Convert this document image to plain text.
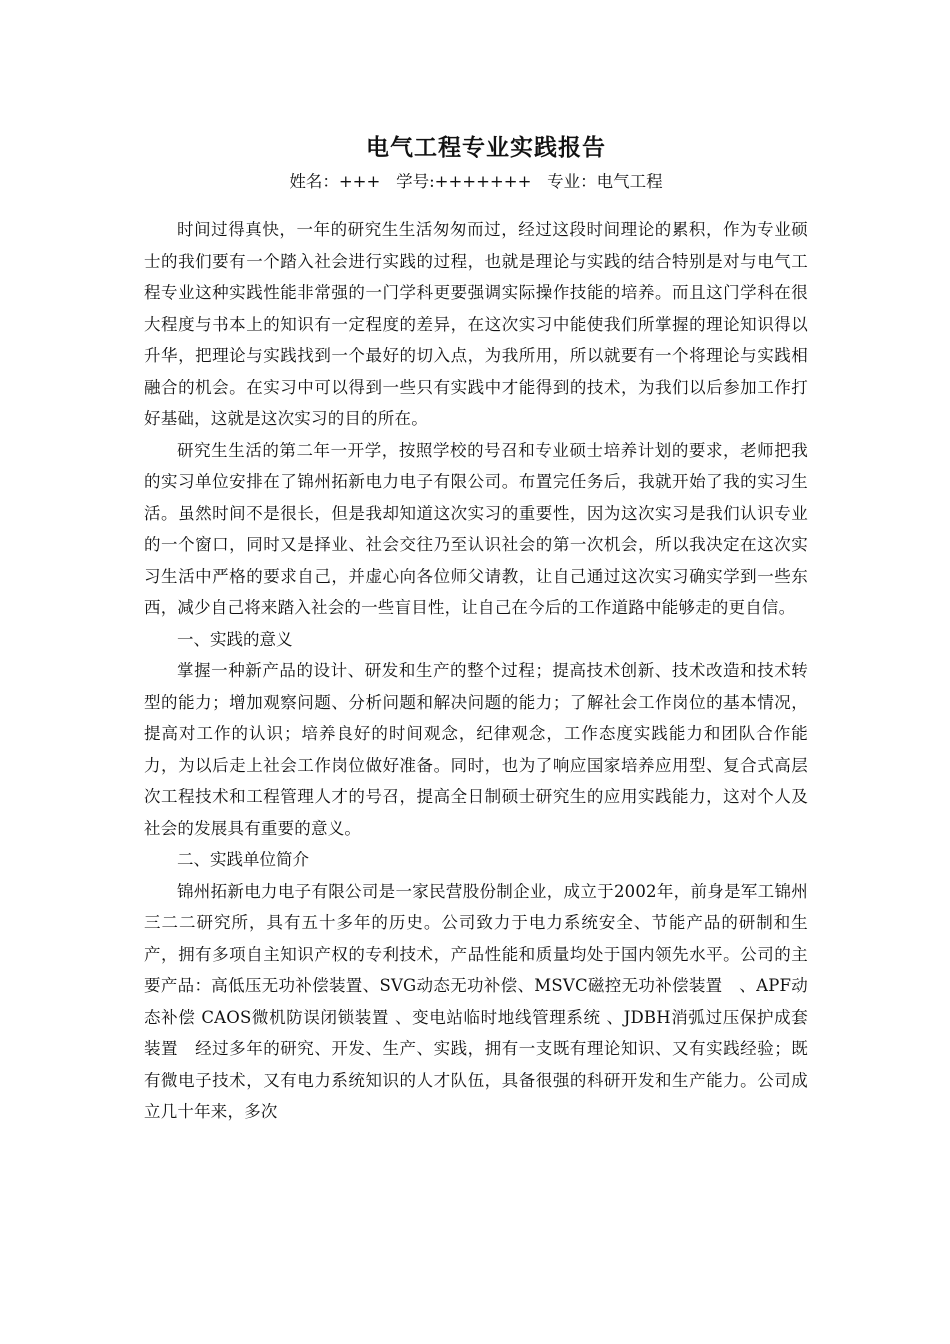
电气工程专业实践报告
姓名：+++   学号:+++++++   专业：电气工程

时间过得真快，一年的研究生生活匆匆而过，经过这段时间理论的累积，作为专业硕士的我们要有一个踏入社会进行实践的过程，也就是理论与实践的结合特别是对与电气工程专业这种实践性能非常强的一门学科更要强调实际操作技能的培养。而且这门学科在很大程度与书本上的知识有一定程度的差异，在这次实习中能使我们所掌握的理论知识得以升华，把理论与实践找到一个最好的切入点，为我所用，所以就要有一个将理论与实践相融合的机会。在实习中可以得到一些只有实践中才能得到的技术，为我们以后参加工作打好基础，这就是这次实习的目的所在。

研究生生活的第二年一开学，按照学校的号召和专业硕士培养计划的要求，老师把我的实习单位安排在了锦州拓新电力电子有限公司。布置完任务后，我就开始了我的实习生活。虽然时间不是很长，但是我却知道这次实习的重要性，因为这次实习是我们认识专业的一个窗口，同时又是择业、社会交往乃至认识社会的第一次机会，所以我决定在这次实习生活中严格的要求自己，并虚心向各位师父请教，让自己通过这次实习确实学到一些东西，减少自己将来踏入社会的一些盲目性，让自己在今后的工作道路中能够走的更自信。

一、实践的意义

掌握一种新产品的设计、研发和生产的整个过程；提高技术创新、技术改造和技术转型的能力；增加观察问题、分析问题和解决问题的能力；了解社会工作岗位的基本情况，提高对工作的认识；培养良好的时间观念，纪律观念，工作态度实践能力和团队合作能力，为以后走上社会工作岗位做好准备。同时，也为了响应国家培养应用型、复合式高层次工程技术和工程管理人才的号召，提高全日制硕士研究生的应用实践能力，这对个人及社会的发展具有重要的意义。

二、实践单位简介

锦州拓新电力电子有限公司是一家民营股份制企业，成立于2002年，前身是军工锦州三二二研究所，具有五十多年的历史。公司致力于电力系统安全、节能产品的研制和生产，拥有多项自主知识产权的专利技术，产品性能和质量均处于国内领先水平。公司的主要产品：高低压无功补偿装置、SVG动态无功补偿、MSVC磁控无功补偿装置　、APF动态补偿 CAOS微机防误闭锁装置 、变电站临时地线管理系统 、JDBH消弧过压保护成套装置　经过多年的研究、开发、生产、实践，拥有一支既有理论知识、又有实践经验；既有微电子技术，又有电力系统知识的人才队伍，具备很强的科研开发和生产能力。公司成立几十年来，多次
